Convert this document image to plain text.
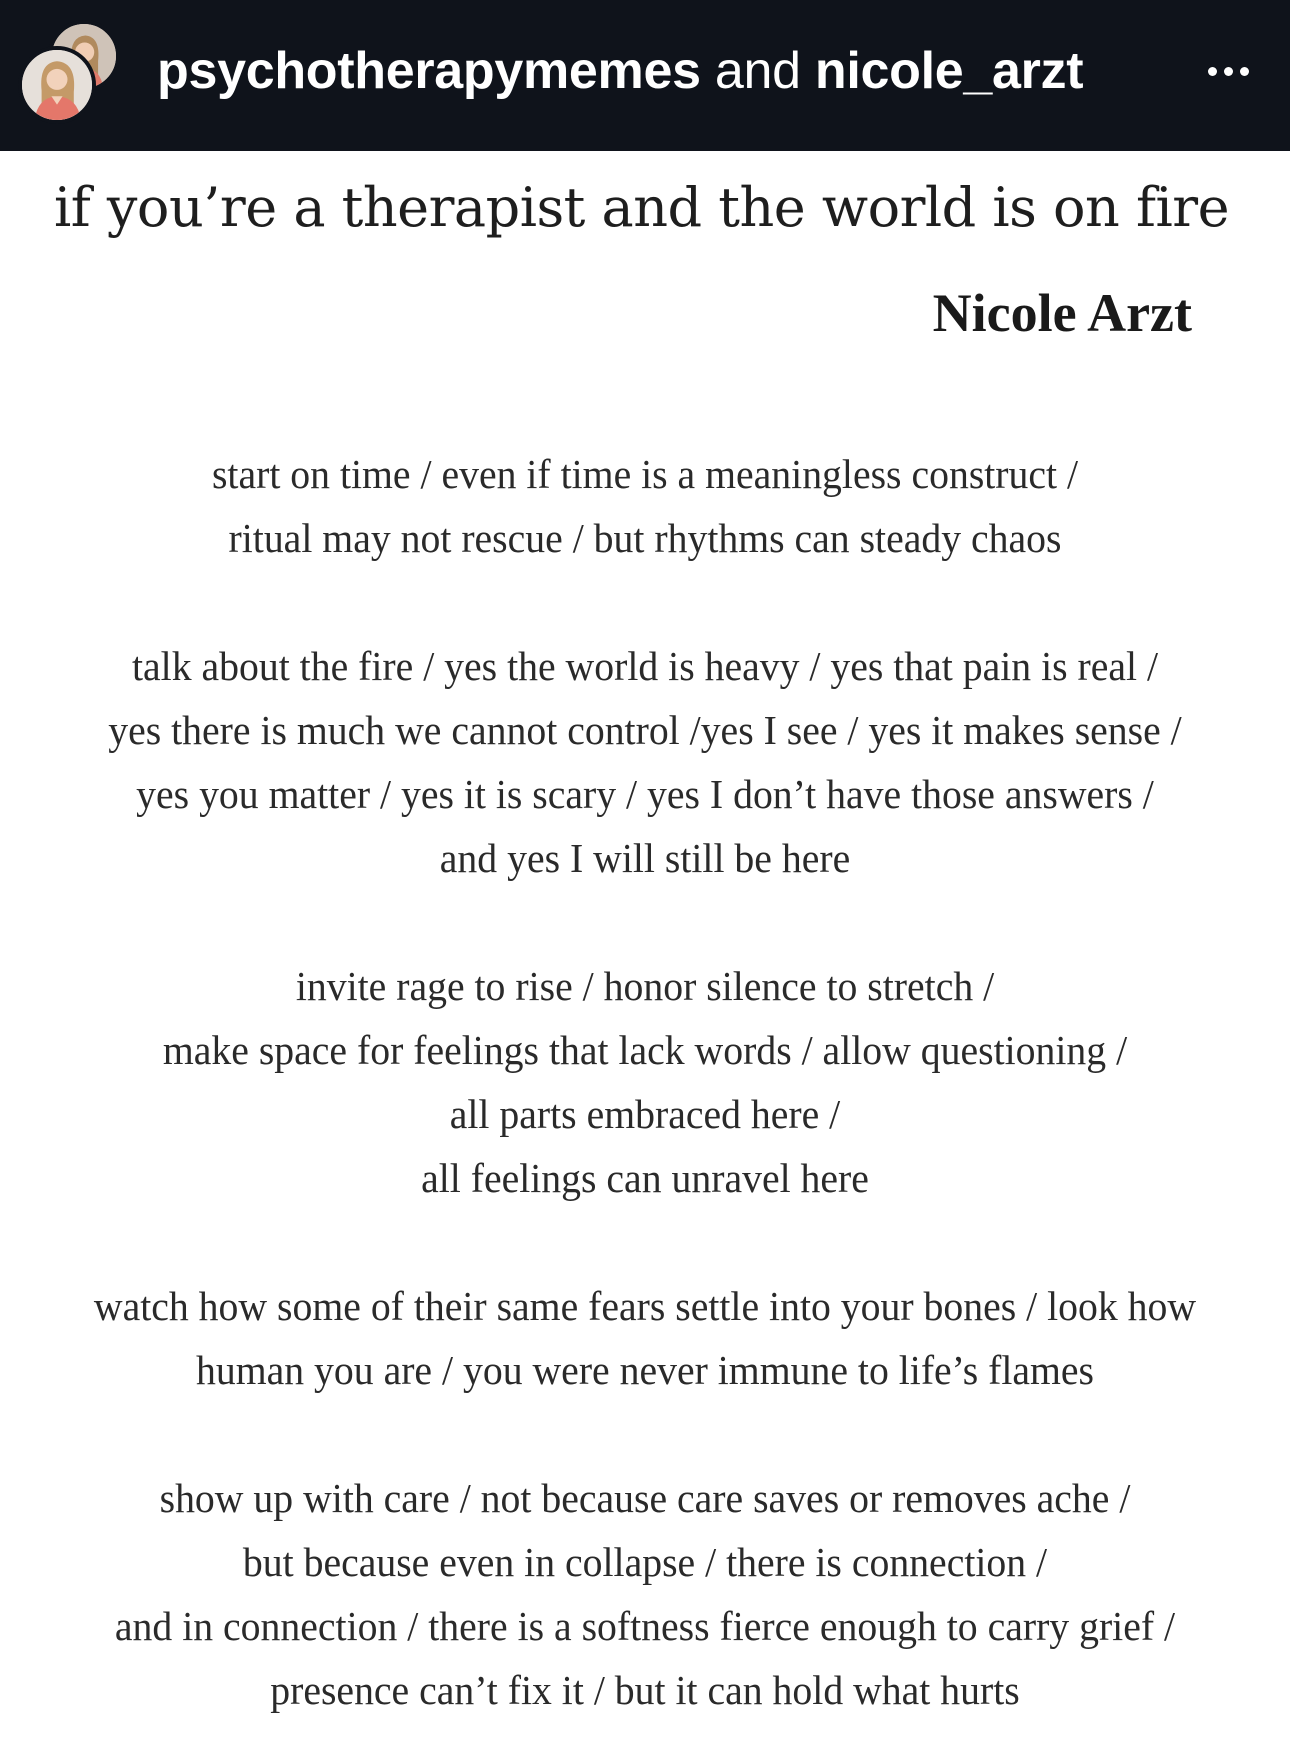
psychotherapymemes and nicole_arzt
if you’re a therapist and the world is on fire
Nicole Arzt
start on time / even if time is a meaningless construct /
ritual may not rescue / but rhythms can steady chaos
talk about the fire / yes the world is heavy / yes that pain is real /
yes there is much we cannot control /yes I see / yes it makes sense /
yes you matter / yes it is scary / yes I don’t have those answers /
and yes I will still be here
invite rage to rise / honor silence to stretch /
make space for feelings that lack words / allow questioning /
all parts embraced here /
all feelings can unravel here
watch how some of their same fears settle into your bones / look how
human you are / you were never immune to life’s flames
show up with care / not because care saves or removes ache /
but because even in collapse / there is connection /
and in connection / there is a softness fierce enough to carry grief /
presence can’t fix it / but it can hold what hurts
